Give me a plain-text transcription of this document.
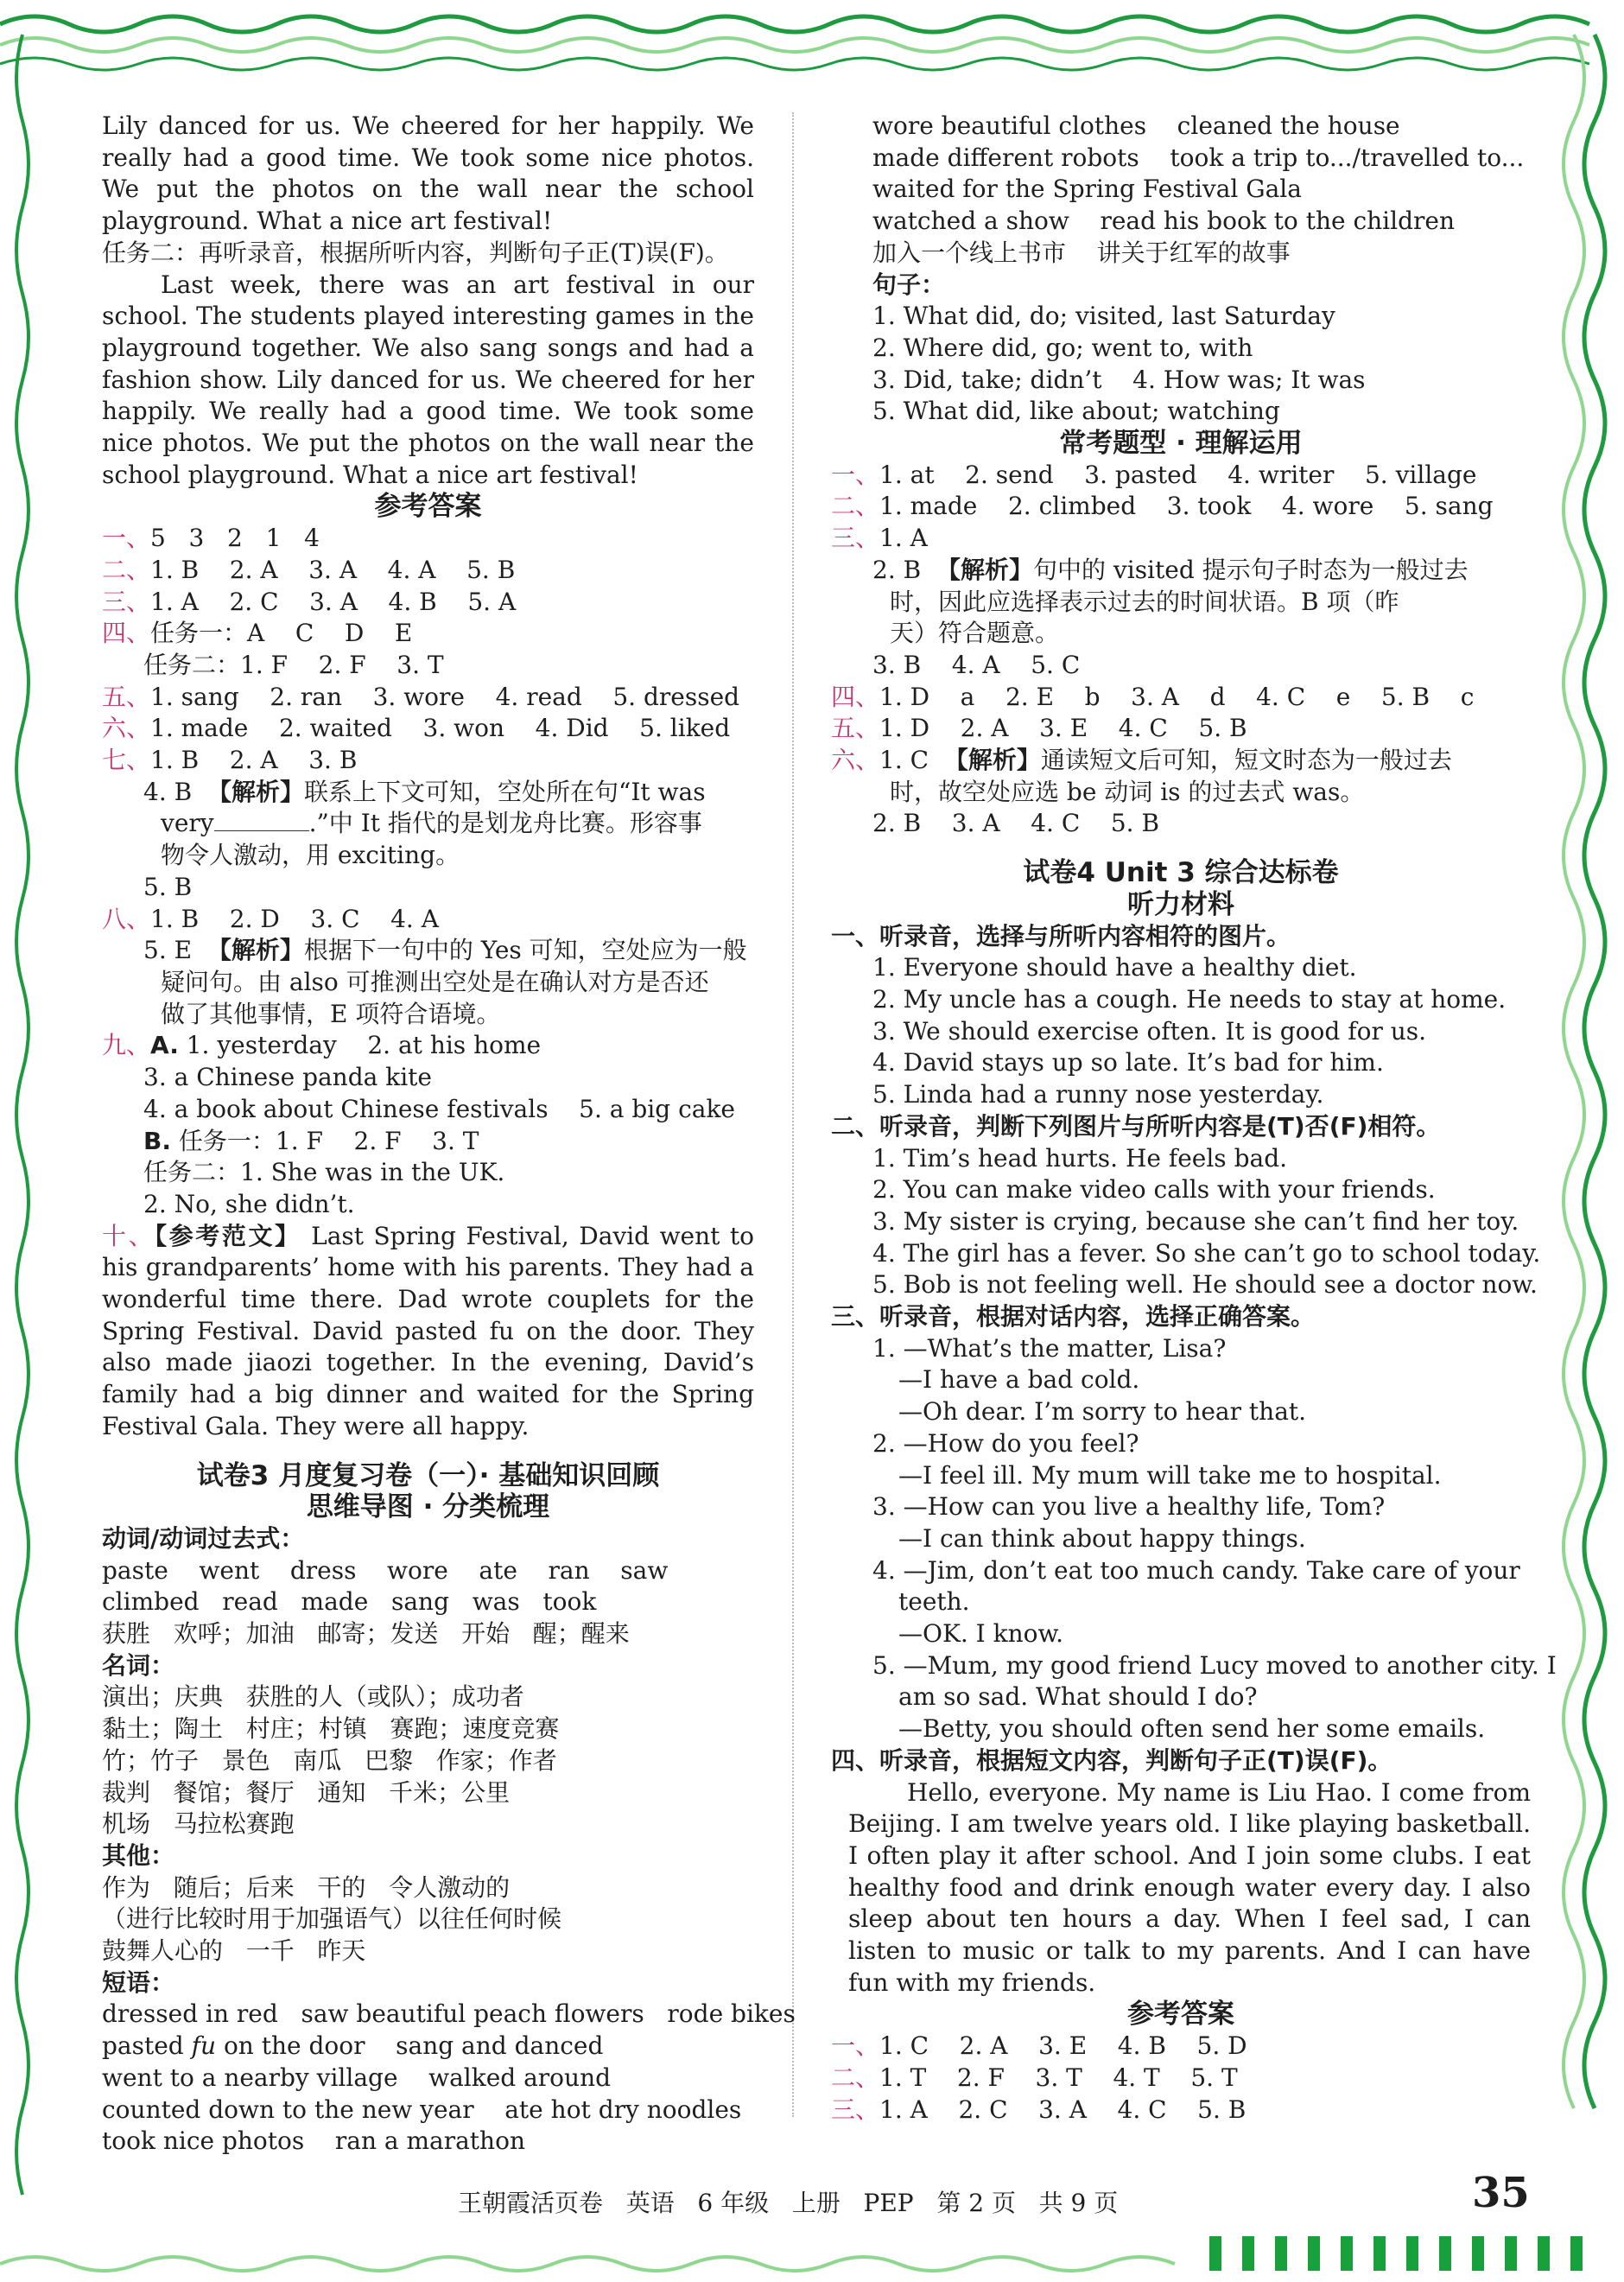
Lily danced for us. We cheered for her happily. We really had a good time. We took some nice photos. We put the photos on the wall near the school playground. What a nice art festival!
任务二：再听录音，根据所听内容，判断句子正(T)误(F)。
Last week, there was an art festival in our school. The students played interesting games in the playground together. We also sang songs and had a fashion show. Lily danced for us. We cheered for her happily. We really had a good time. We took some nice photos. We put the photos on the wall near the school playground. What a nice art festival!
参考答案
一、5   3   2   1   4
二、1. B    2. A    3. A    4. A    5. B
三、1. A    2. C    3. A    4. B    5. A
四、任务一：A    C    D    E
任务二：1. F    2. F    3. T
五、1. sang    2. ran    3. wore    4. read    5. dressed
六、1. made    2. waited    3. won    4. Did    5. liked
七、1. B    2. A    3. B
4. B  【解析】联系上下文可知，空处所在句“It was
very	.”中 It 指代的是划龙舟比赛。形容事
物令人激动，用 exciting。
5. B
八、1. B    2. D    3. C    4. A
5. E  【解析】根据下一句中的 Yes 可知，空处应为一般
疑问句。由 also 可推测出空处是在确认对方是否还
做了其他事情，E 项符合语境。
九、A. 1. yesterday    2. at his home
3. a Chinese panda kite
4. a book about Chinese festivals    5. a big cake
B. 任务一：1. F    2. F    3. T
任务二：1. She was in the UK.
2. No, she didn’t.
十、【参考范文】 Last Spring Festival, David went to his grandparents’ home with his parents. They had a wonderful time there. Dad wrote couplets for the Spring Festival. David pasted fu on the door. They also made jiaozi together. In the evening, David’s family had a big dinner and waited for the Spring Festival Gala. They were all happy.
试卷3 月度复习卷（一）· 基础知识回顾
思维导图 · 分类梳理
动词/动词过去式：
paste    went    dress    wore    ate    ran    saw
climbed   read   made   sang   was   took
获胜   欢呼；加油   邮寄；发送   开始   醒；醒来
名词：
演出；庆典   获胜的人（或队）；成功者
黏土；陶土   村庄；村镇   赛跑；速度竞赛
竹；竹子   景色   南瓜   巴黎   作家；作者
裁判   餐馆；餐厅   通知   千米；公里
机场   马拉松赛跑
其他：
作为   随后；后来   干的   令人激动的
（进行比较时用于加强语气）以往任何时候
鼓舞人心的   一千   昨天
短语：
dressed in red   saw beautiful peach flowers   rode bikes
pasted fu on the door    sang and danced
went to a nearby village    walked around
counted down to the new year    ate hot dry noodles
took nice photos    ran a marathon
wore beautiful clothes    cleaned the house
made different robots    took a trip to.../travelled to...
waited for the Spring Festival Gala
watched a show    read his book to the children
加入一个线上书市    讲关于红军的故事
句子：
1. What did, do; visited, last Saturday
2. Where did, go; went to, with
3. Did, take; didn’t    4. How was; It was
5. What did, like about; watching
常考题型 · 理解运用
一、1. at    2. send    3. pasted    4. writer    5. village
二、1. made    2. climbed    3. took    4. wore    5. sang
三、1. A
2. B  【解析】句中的 visited 提示句子时态为一般过去
时，因此应选择表示过去的时间状语。B 项（昨
天）符合题意。
3. B    4. A    5. C
四、1. D    a    2. E    b    3. A    d    4. C    e    5. B    c
五、1. D    2. A    3. E    4. C    5. B
六、1. C  【解析】通读短文后可知，短文时态为一般过去
时，故空处应选 be 动词 is 的过去式 was。
2. B    3. A    4. C    5. B
试卷4 Unit 3 综合达标卷
听力材料
一、听录音，选择与所听内容相符的图片。
1. Everyone should have a healthy diet.
2. My uncle has a cough. He needs to stay at home.
3. We should exercise often. It is good for us.
4. David stays up so late. It’s bad for him.
5. Linda had a runny nose yesterday.
二、听录音，判断下列图片与所听内容是(T)否(F)相符。
1. Tim’s head hurts. He feels bad.
2. You can make video calls with your friends.
3. My sister is crying, because she can’t find her toy.
4. The girl has a fever. So she can’t go to school today.
5. Bob is not feeling well. He should see a doctor now.
三、听录音，根据对话内容，选择正确答案。
1. —What’s the matter, Lisa?
—I have a bad cold.
—Oh dear. I’m sorry to hear that.
2. —How do you feel?
—I feel ill. My mum will take me to hospital.
3. —How can you live a healthy life, Tom?
—I can think about happy things.
4. —Jim, don’t eat too much candy. Take care of your
teeth.
—OK. I know.
5. —Mum, my good friend Lucy moved to another city. I
am so sad. What should I do?
—Betty, you should often send her some emails.
四、听录音，根据短文内容，判断句子正(T)误(F)。
Hello, everyone. My name is Liu Hao. I come from Beijing. I am twelve years old. I like playing basketball. I often play it after school. And I join some clubs. I eat healthy food and drink enough water every day. I also sleep about ten hours a day. When I feel sad, I can listen to music or talk to my parents. And I can have fun with my friends.
参考答案
一、1. C    2. A    3. E    4. B    5. D
二、1. T    2. F    3. T    4. T    5. T
三、1. A    2. C    3. A    4. C    5. B
王朝霞活页卷   英语   6 年级   上册   PEP   第 2 页   共 9 页	35
